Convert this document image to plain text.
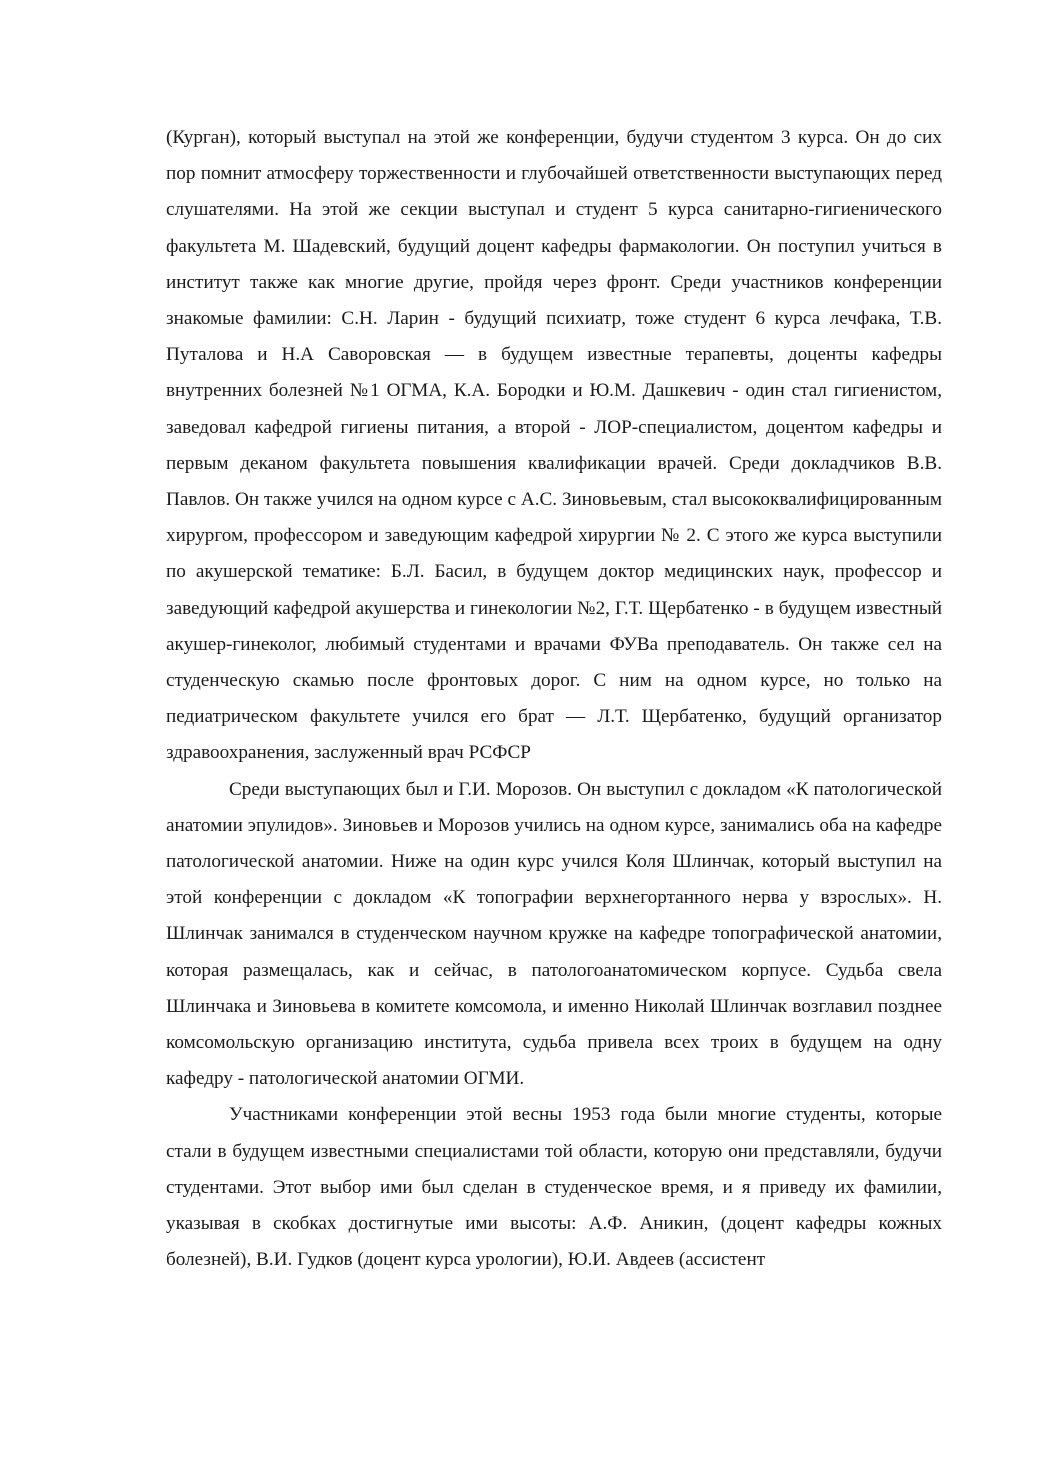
(Курган), который выступал на этой же конференции, будучи студентом 3 курса. Он до сих пор помнит атмосферу торжественности и глубочайшей ответственности выступающих перед слушателями. На этой же секции выступал и студент 5 курса санитарно-гигиенического факультета М. Шадевский, будущий доцент кафедры фармакологии. Он поступил учиться в институт также как многие другие, пройдя через фронт. Среди участников конференции знакомые фамилии: С.Н. Ларин - будущий психиатр, тоже студент 6 курса лечфака, Т.В. Путалова и Н.А Саворовская — в будущем известные терапевты, доценты кафедры внутренних болезней №1 ОГМА, К.А. Бородки и Ю.М. Дашкевич - один стал гигиенистом, заведовал кафедрой гигиены питания, а второй - ЛОР-специалистом, доцентом кафедры и первым деканом факультета повышения квалификации врачей. Среди докладчиков В.В. Павлов. Он также учился на одном курсе с А.С. Зиновьевым, стал высококвалифицированным хирургом, профессором и заведующим кафедрой хирургии № 2. С этого же курса выступили по акушерской тематике: Б.Л. Басил, в будущем доктор медицинских наук, профессор и заведующий кафедрой акушерства и гинекологии №2, Г.Т. Щербатенко - в будущем известный акушер-гинеколог, любимый студентами и врачами ФУВа преподаватель. Он также сел на студенческую скамью после фронтовых дорог. С ним на одном курсе, но только на педиатрическом факультете учился его брат — Л.Т. Щербатенко, будущий организатор здравоохранения, заслуженный врач РСФСР

Среди выступающих был и Г.И. Морозов. Он выступил с докладом «К патологической анатомии эпулидов». Зиновьев и Морозов учились на одном курсе, занимались оба на кафедре патологической анатомии. Ниже на один курс учился Коля Шлинчак, который выступил на этой конференции с докладом «К топографии верхнегортанного нерва у взрослых». Н. Шлинчак занимался в студенческом научном кружке на кафедре топографической анатомии, которая размещалась, как и сейчас, в патологоанатомическом корпусе. Судьба свела Шлинчака и Зиновьева в комитете комсомола, и именно Николай Шлинчак возглавил позднее комсомольскую организацию института, судьба привела всех троих в будущем на одну кафедру - патологической анатомии ОГМИ.

Участниками конференции этой весны 1953 года были многие студенты, которые стали в будущем известными специалистами той области, которую они представляли, будучи студентами. Этот выбор ими был сделан в студенческое время, и я приведу их фамилии, указывая в скобках достигнутые ими высоты: А.Ф. Аникин, (доцент кафедры кожных болезней), В.И. Гудков (доцент курса урологии), Ю.И. Авдеев (ассистент
